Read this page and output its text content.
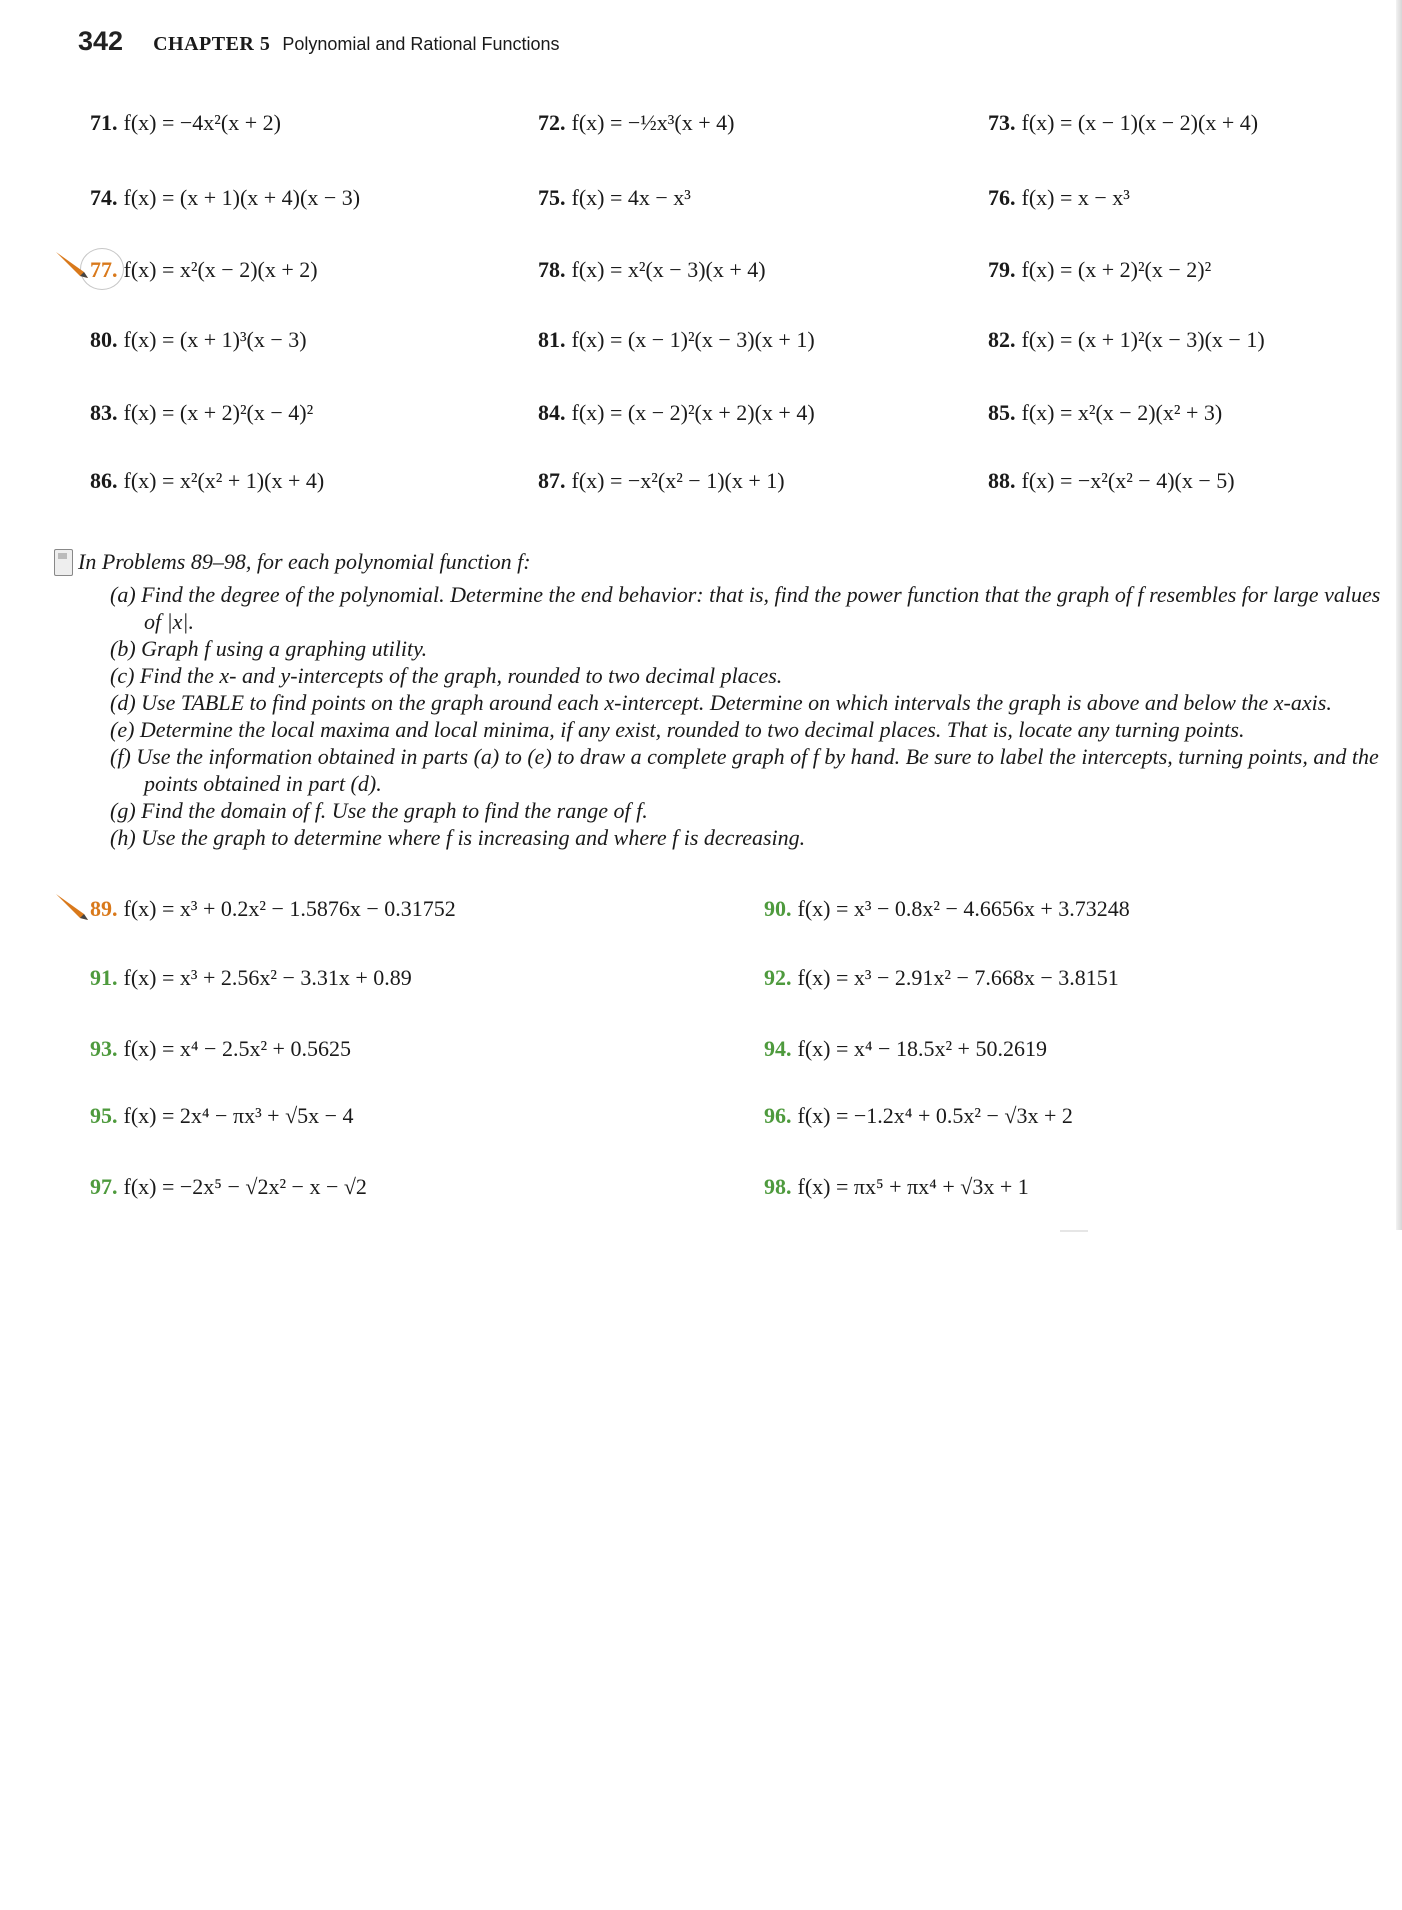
342 CHAPTER 5 Polynomial and Rational Functions
71. f(x) = −4x²(x + 2)	72. f(x) = −½x³(x + 4)	73. f(x) = (x − 1)(x − 2)(x + 4)
74. f(x) = (x + 1)(x + 4)(x − 3)	75. f(x) = 4x − x³	76. f(x) = x − x³
77. f(x) = x²(x − 2)(x + 2)	78. f(x) = x²(x − 3)(x + 4)	79. f(x) = (x + 2)²(x − 2)²
80. f(x) = (x + 1)³(x − 3)	81. f(x) = (x − 1)²(x − 3)(x + 1)	82. f(x) = (x + 1)²(x − 3)(x − 1)
83. f(x) = (x + 2)²(x − 4)²	84. f(x) = (x − 2)²(x + 2)(x + 4)	85. f(x) = x²(x − 2)(x² + 3)
86. f(x) = x²(x² + 1)(x + 4)	87. f(x) = −x²(x² − 1)(x + 1)	88. f(x) = −x²(x² − 4)(x − 5)

In Problems 89–98, for each polynomial function f:

(a) Find the degree of the polynomial. Determine the end behavior: that is, find the power function that the graph of f resembles for large values of |x|.

(b) Graph f using a graphing utility.

(c) Find the x- and y-intercepts of the graph, rounded to two decimal places.

(d) Use TABLE to find points on the graph around each x-intercept. Determine on which intervals the graph is above and below the x-axis.

(e) Determine the local maxima and local minima, if any exist, rounded to two decimal places. That is, locate any turning points.

(f) Use the information obtained in parts (a) to (e) to draw a complete graph of f by hand. Be sure to label the intercepts, turning points, and the points obtained in part (d).

(g) Find the domain of f. Use the graph to find the range of f.

(h) Use the graph to determine where f is increasing and where f is decreasing.

89. f(x) = x³ + 0.2x² − 1.5876x − 0.31752	90. f(x) = x³ − 0.8x² − 4.6656x + 3.73248
91. f(x) = x³ + 2.56x² − 3.31x + 0.89	92. f(x) = x³ − 2.91x² − 7.668x − 3.8151
93. f(x) = x⁴ − 2.5x² + 0.5625	94. f(x) = x⁴ − 18.5x² + 50.2619
95. f(x) = 2x⁴ − πx³ + √5x − 4	96. f(x) = −1.2x⁴ + 0.5x² − √3x + 2
97. f(x) = −2x⁵ − √2x² − x − √2	98. f(x) = πx⁵ + πx⁴ + √3x + 1
